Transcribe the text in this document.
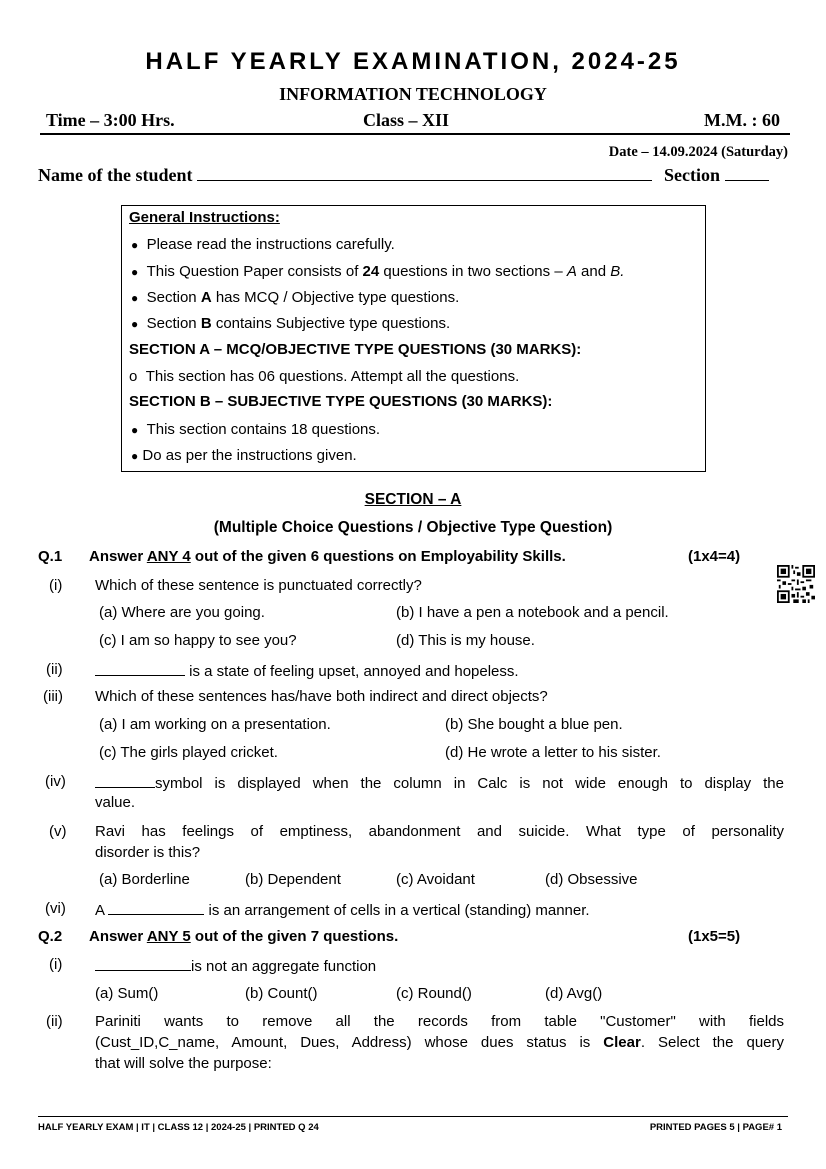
HALF YEARLY EXAMINATION, 2024-25
INFORMATION TECHNOLOGY
Time – 3:00 Hrs.	Class – XII	M.M. : 60
Date – 14.09.2024 (Saturday)
Name of the student	Section
General Instructions:
● Please read the instructions carefully.
● This Question Paper consists of 24 questions in two sections – A and B.
● Section A has MCQ / Objective type questions.
● Section B contains Subjective type questions.
SECTION A – MCQ/OBJECTIVE TYPE QUESTIONS (30 MARKS):
o This section has 06 questions. Attempt all the questions.
SECTION B – SUBJECTIVE TYPE QUESTIONS (30 MARKS):
● This section contains 18 questions.
● Do as per the instructions given.
SECTION – A
(Multiple Choice Questions / Objective Type Question)
Q.1 Answer ANY 4 out of the given 6 questions on Employability Skills.	(1x4=4)
(i) Which of these sentence is punctuated correctly?
(a) Where are you going.	(b) I have a pen a notebook and a pencil.
(c) I am so happy to see you?	(d) This is my house.
(ii)	is a state of feeling upset, annoyed and hopeless.
(iii) Which of these sentences has/have both indirect and direct objects?
(a) I am working on a presentation.	(b) She bought a blue pen.
(c) The girls played cricket.	(d) He wrote a letter to his sister.
(iv)	symbol is displayed when the column in Calc is not wide enough to display the
value.
(v) Ravi has feelings of emptiness, abandonment and suicide. What type of personality
disorder is this?
(a) Borderline	(b) Dependent	(c) Avoidant	(d) Obsessive
(vi) A	is an arrangement of cells in a vertical (standing) manner.
Q.2 Answer ANY 5 out of the given 7 questions.	(1x5=5)
(i)	is not an aggregate function
(a) Sum()	(b) Count()	(c) Round()	(d) Avg()
(ii) Pariniti wants to remove all the records from table "Customer" with fields
(Cust_ID,C_name, Amount, Dues, Address) whose dues status is Clear. Select the query
that will solve the purpose:
HALF YEARLY EXAM | IT | CLASS 12 | 2024-25 | PRINTED Q 24	PRINTED PAGES 5 | PAGE# 1
